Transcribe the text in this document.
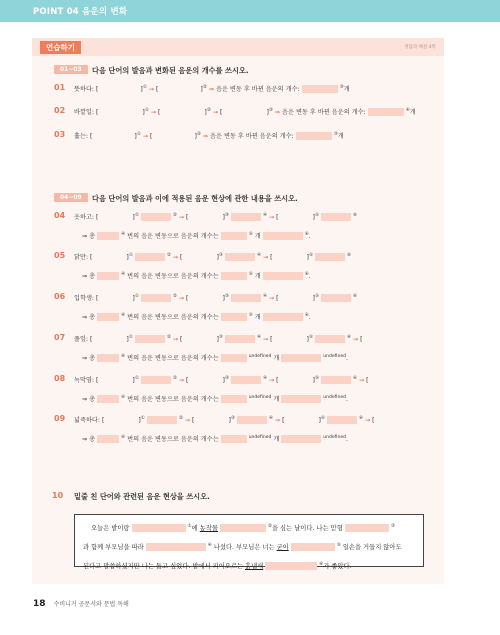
POINT 04 음운의 변화
연습하기	정답과 해설 4쪽
01~03	다음 단어의 발음과 변화된 음운의 개수를 쓰시오.
01 뜻하다: [	]① → [	]② ⇒ 음운 변동 후 바뀐 음운의 개수:	③개
02 바깥일: [	]① → [	]② → [	]③ ⇒ 음운 변동 후 바뀐 음운의 개수:	④개
03 홅는: [	]① → [	]② ⇒ 음운 변동 후 바뀐 음운의 개수:	③개
04~09	다음 단어의 발음과 이에 적용된 음운 현상에 관한 내용을 쓰시오.
04 옷하고: [	]①	② → [	]③	④ → [	]⑤	⑥
⇒ 총	④ 번의 음운 변동으로 음운의 개수는	⑤ 개	⑥.
05 닭만: [	]①	② → [	]③	④ → [	]⑤	⑥
⇒ 총	④ 번의 음운 변동으로 음운의 개수는	⑤ 개	⑥.
06 입학생: [	]①	② → [	]③	④ → [	]⑤	⑥
⇒ 총	④ 번의 음운 변동으로 음운의 개수는	⑤ 개	⑥.
07 풀잎: [	]①	② → [	]③	④ → [	]⑤	⑥ → [
⇒ 총	⑥ 번의 음운 변동으로 음운의 개수는	$^{undefined}$ 개	$^{undefined}$.
08 녹막염: [	]①	② → [	]③	④ → [	]⑤	⑥ → [
⇒ 총	⑥ 번의 음운 변동으로 음운의 개수는	$^{undefined}$ 개	$^{undefined}$.
09 넓죽하다: [	]①	② → [	]③	④ → [	]⑤	⑥ → [
⇒ 총	⑥ 번의 음운 변동으로 음운의 개수는	$^{undefined}$ 개	$^{undefined}$.
10 밑줄 친 단어와 관련된 음운 현상을 쓰시오.
오늘은 밭이랑	①에 농작물	②을 심는 날이다. 나는 맏형	③
과 함께 부모님을 따라	④ 나섰다. 부모님은 너는 굳이	⑤ 일손을 거들지 않아도
된다고 말씀하셨지만 나는 돕고 싶었다. 밭에서 피어오르는 흙냄새	⑥가 좋았다.
18 수비니거 공문서와 문법 독해
